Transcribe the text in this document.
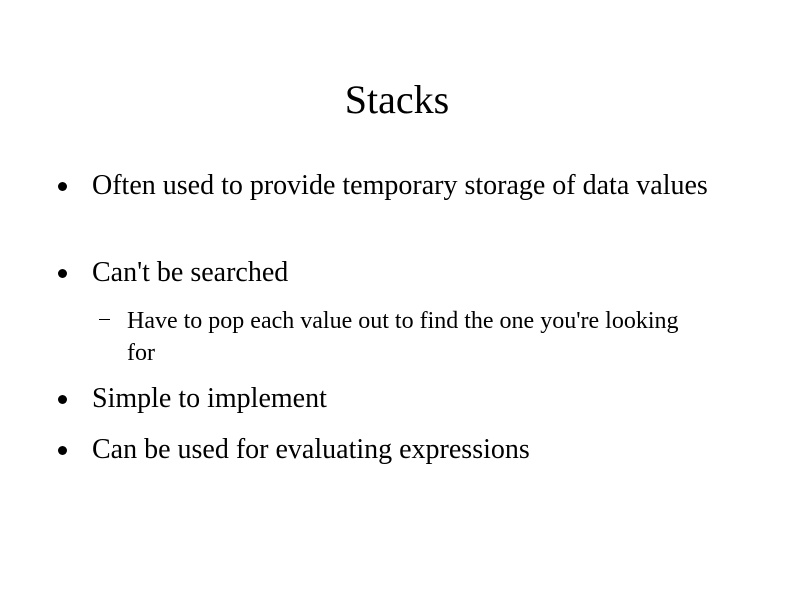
Stacks
Often used to provide temporary storage of data values
Can't be searched
Have to pop each value out to find the one you're looking for
Simple to implement
Can be used for evaluating expressions
